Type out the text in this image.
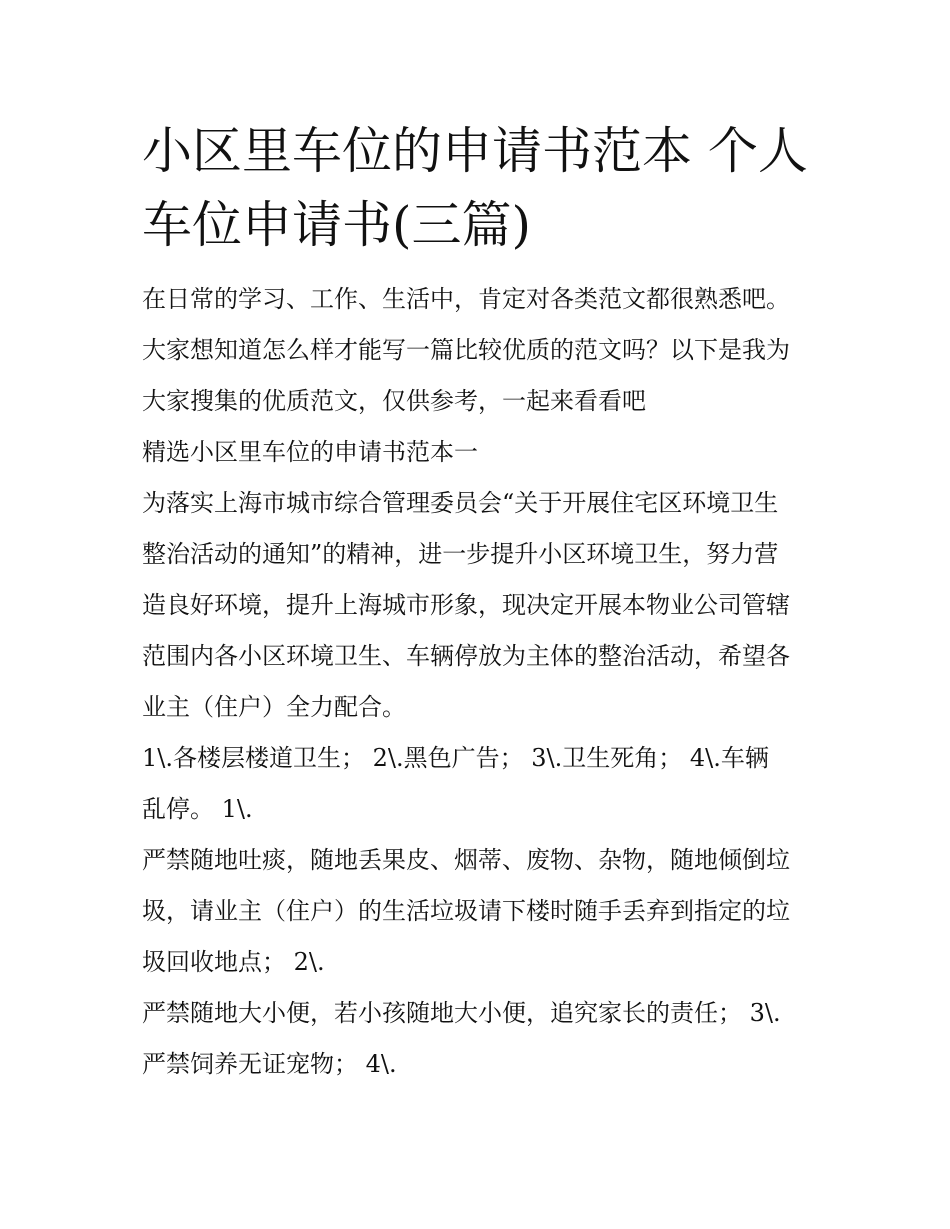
小区里车位的申请书范本 个人
车位申请书(三篇)

在日常的学习、工作、生活中，肯定对各类范文都很熟悉吧。
大家想知道怎么样才能写一篇比较优质的范文吗？以下是我为
大家搜集的优质范文，仅供参考，一起来看看吧

精选小区里车位的申请书范本一

为落实上海市城市综合管理委员会“关于开展住宅区环境卫生
整治活动的通知”的精神，进一步提升小区环境卫生，努力营
造良好环境，提升上海城市形象，现决定开展本物业公司管辖
范围内各小区环境卫生、车辆停放为主体的整治活动，希望各
业主（住户）全力配合。

1\.各楼层楼道卫生； 2\.黑色广告； 3\.卫生死角； 4\.车辆
乱停。 1\.

严禁随地吐痰，随地丢果皮、烟蒂、废物、杂物，随地倾倒垃
圾，请业主（住户）的生活垃圾请下楼时随手丢弃到指定的垃
圾回收地点； 2\.

严禁随地大小便，若小孩随地大小便，追究家长的责任； 3\.
严禁饲养无证宠物； 4\.
